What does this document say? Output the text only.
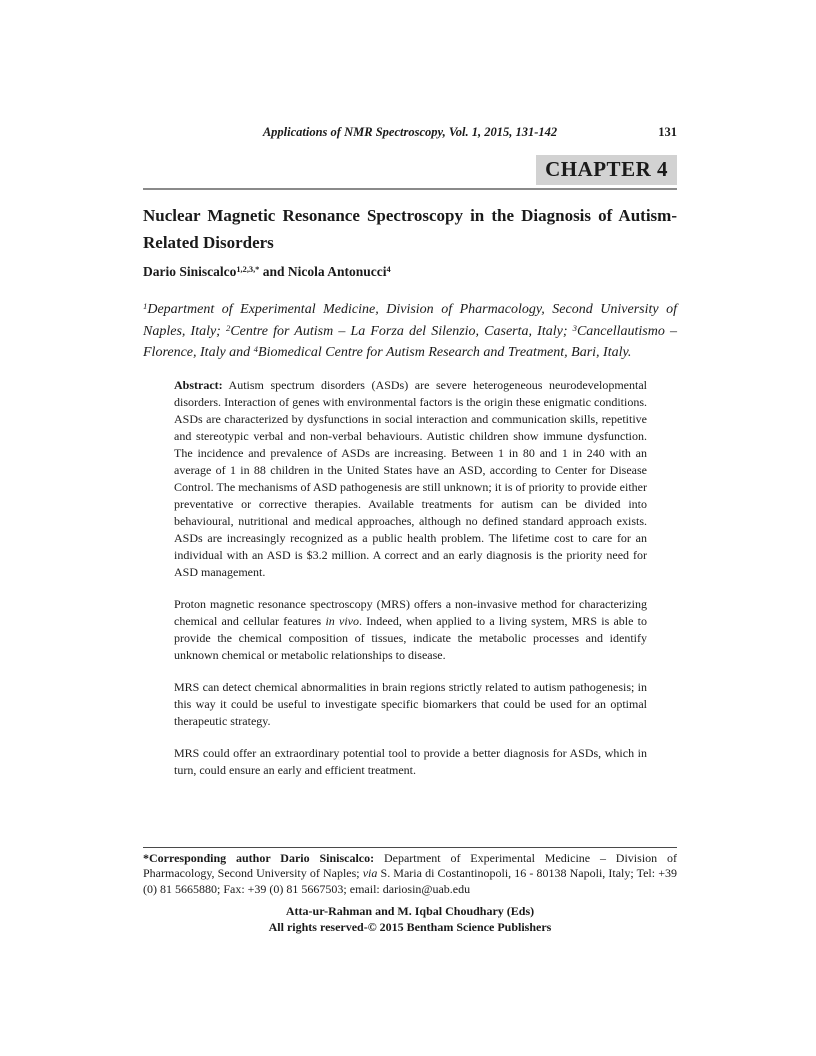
Applications of NMR Spectroscopy, Vol. 1, 2015, 131-142	131
CHAPTER 4
Nuclear Magnetic Resonance Spectroscopy in the Diagnosis of Autism-Related Disorders
Dario Siniscalco$^{1,2,3,*}$ and Nicola Antonucci$^4$
$^1$Department of Experimental Medicine, Division of Pharmacology, Second University of Naples, Italy; $^2$Centre for Autism – La Forza del Silenzio, Caserta, Italy; $^3$Cancellautismo – Florence, Italy and $^4$Biomedical Centre for Autism Research and Treatment, Bari, Italy.

Abstract: Autism spectrum disorders (ASDs) are severe heterogeneous neurodevelopmental disorders. Interaction of genes with environmental factors is the origin these enigmatic conditions. ASDs are characterized by dysfunctions in social interaction and communication skills, repetitive and stereotypic verbal and non-verbal behaviours. Autistic children show immune dysfunction. The incidence and prevalence of ASDs are increasing. Between 1 in 80 and 1 in 240 with an average of 1 in 88 children in the United States have an ASD, according to Center for Disease Control. The mechanisms of ASD pathogenesis are still unknown; it is of priority to provide either preventative or corrective therapies. Available treatments for autism can be divided into behavioural, nutritional and medical approaches, although no defined standard approach exists. ASDs are increasingly recognized as a public health problem. The lifetime cost to care for an individual with an ASD is $3.2 million. A correct and an early diagnosis is the priority need for ASD management.

Proton magnetic resonance spectroscopy (MRS) offers a non-invasive method for characterizing chemical and cellular features in vivo. Indeed, when applied to a living system, MRS is able to provide the chemical composition of tissues, indicate the metabolic processes and identify unknown chemical or metabolic relationships to disease.

MRS can detect chemical abnormalities in brain regions strictly related to autism pathogenesis; in this way it could be useful to investigate specific biomarkers that could be used for an optimal therapeutic strategy.

MRS could offer an extraordinary potential tool to provide a better diagnosis for ASDs, which in turn, could ensure an early and efficient treatment.

*Corresponding author Dario Siniscalco: Department of Experimental Medicine – Division of Pharmacology, Second University of Naples; via S. Maria di Costantinopoli, 16 - 80138 Napoli, Italy; Tel: +39 (0) 81 5665880; Fax: +39 (0) 81 5667503; email: dariosin@uab.edu
Atta-ur-Rahman and M. Iqbal Choudhary (Eds)
All rights reserved-© 2015 Bentham Science Publishers
